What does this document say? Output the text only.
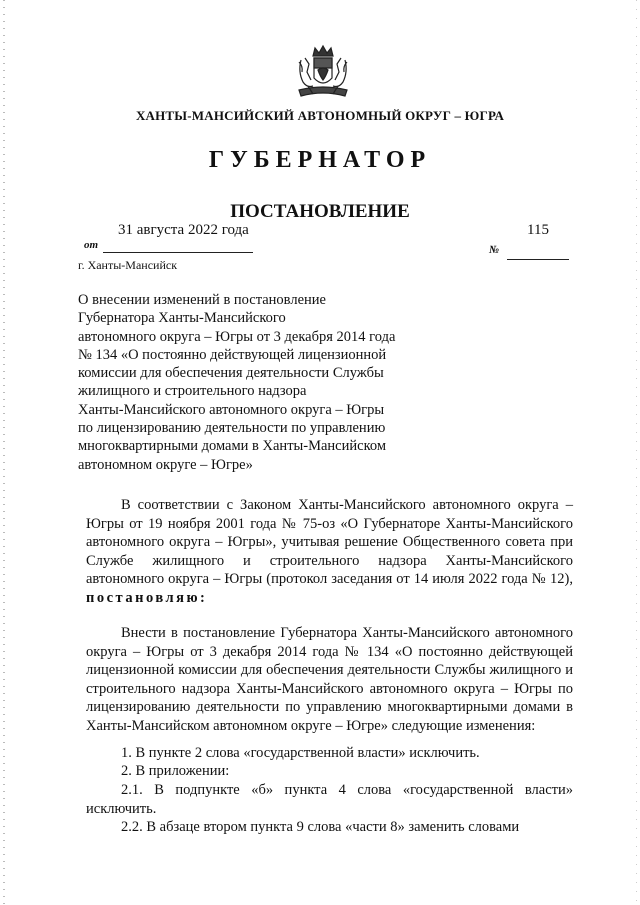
ХАНТЫ-МАНСИЙСКИЙ АВТОНОМНЫЙ ОКРУГ – ЮГРА
ГУБЕРНАТОР
ПОСТАНОВЛЕНИЕ
31 августа 2022 года	115
от	№
г. Ханты-Мансийск
О внесении изменений в постановление
Губернатора Ханты-Мансийского
автономного округа – Югры от 3 декабря 2014 года
№ 134 «О постоянно действующей лицензионной
комиссии для обеспечения деятельности Службы
жилищного и строительного надзора
Ханты-Мансийского автономного округа – Югры
по лицензированию деятельности по управлению
многоквартирными домами в Ханты-Мансийском
автономном округе – Югре»
В соответствии с Законом Ханты-Мансийского автономного округа – Югры от 19 ноября 2001 года № 75-оз «О Губернаторе Ханты-Мансийского автономного округа – Югры», учитывая решение Общественного совета при Службе жилищного и строительного надзора Ханты-Мансийского автономного округа – Югры (протокол заседания от 14 июля 2022 года № 12), постановляю:
Внести в постановление Губернатора Ханты-Мансийского автономного округа – Югры от 3 декабря 2014 года № 134 «О постоянно действующей лицензионной комиссии для обеспечения деятельности Службы жилищного и строительного надзора Ханты-Мансийского автономного округа – Югры по лицензированию деятельности по управлению многоквартирными домами в Ханты-Мансийском автономном округе – Югре» следующие изменения:
1. В пункте 2 слова «государственной власти» исключить.
2. В приложении:
2.1. В подпункте «б» пункта 4 слова «государственной власти» исключить.
2.2. В абзаце втором пункта 9 слова «части 8» заменить словами
